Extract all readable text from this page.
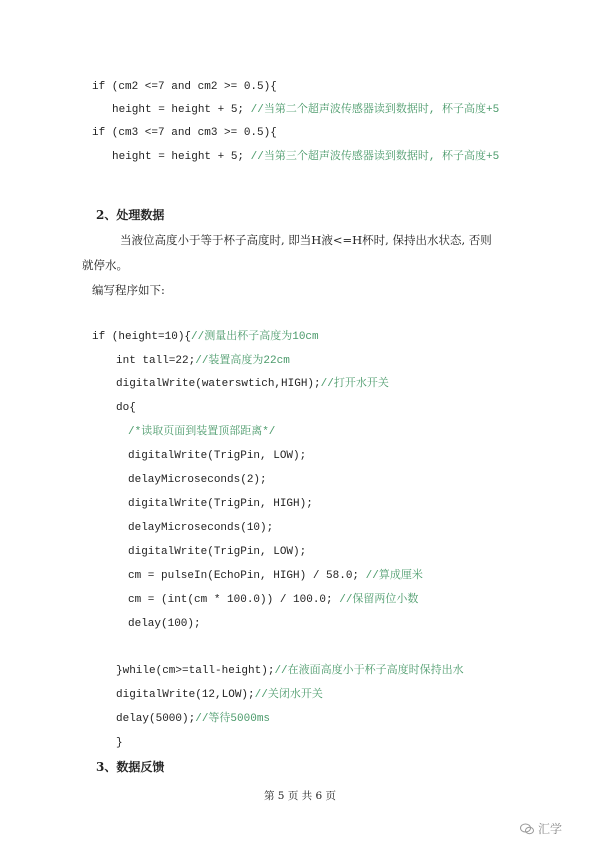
if (cm2 <=7 and cm2 >= 0.5){
height = height + 5; //当第二个超声波传感器读到数据时, 杯子高度+5
if (cm3 <=7 and cm3 >= 0.5){
height = height + 5; //当第三个超声波传感器读到数据时, 杯子高度+5
2、处理数据
当液位高度小于等于杯子高度时, 即当H液<=H杯时, 保持出水状态, 否则
就停水。
编写程序如下:
if (height=10){//测量出杯子高度为10cm
int tall=22;//装置高度为22cm
digitalWrite(waterswtich,HIGH);//打开水开关
do{
/*读取页面到装置顶部距离*/
digitalWrite(TrigPin, LOW);
delayMicroseconds(2);
digitalWrite(TrigPin, HIGH);
delayMicroseconds(10);
digitalWrite(TrigPin, LOW);
cm = pulseIn(EchoPin, HIGH) / 58.0; //算成厘米
cm = (int(cm * 100.0)) / 100.0; //保留两位小数
delay(100);
}while(cm>=tall-height);//在液面高度小于杯子高度时保持出水
digitalWrite(12,LOW);//关闭水开关
delay(5000);//等待5000ms
}
3、数据反馈
第 5 页 共 6 页
汇学
